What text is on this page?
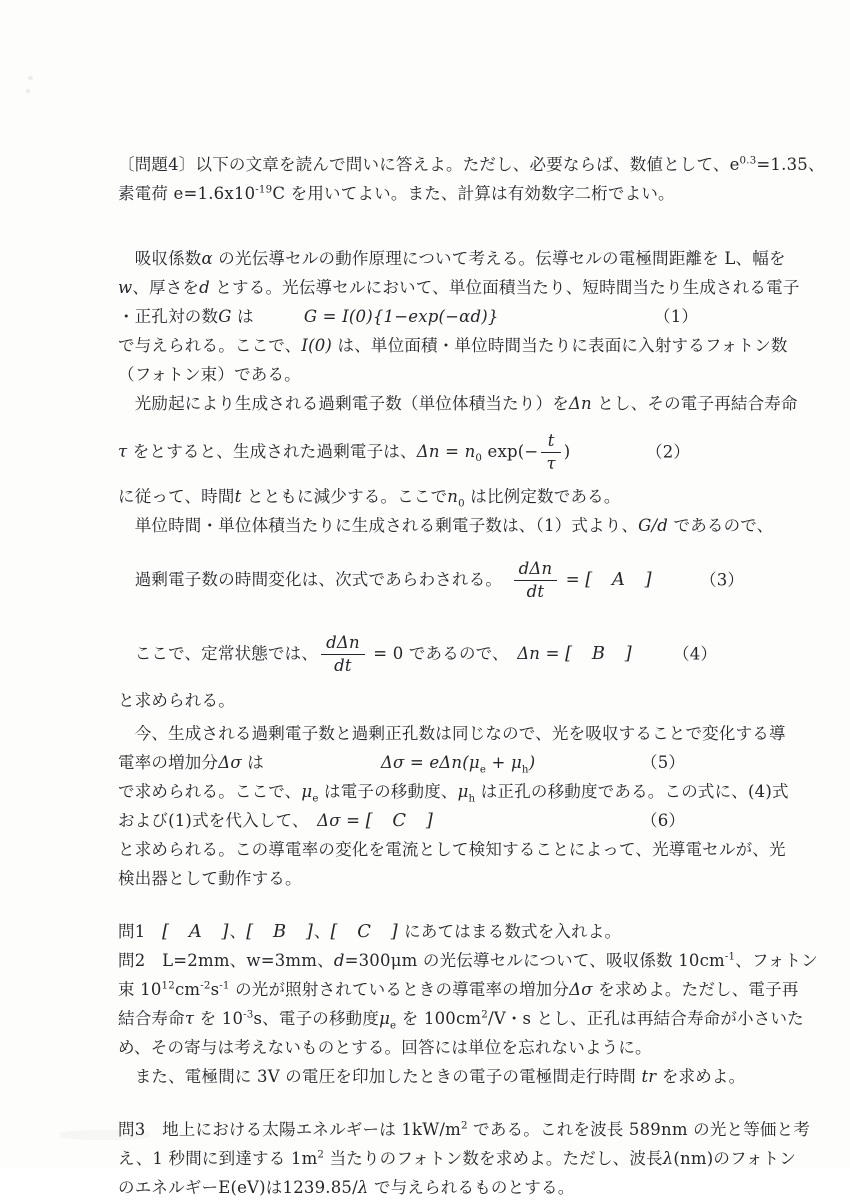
〔問題4〕以下の文章を読んで問いに答えよ。ただし、必要ならば、数値として、$e^{0.3}=1.35$、
素電荷 $e=1.6x10^{-19}C$ を用いてよい。また、計算は有効数字二桁でよい。
　吸収係数α の光伝導セルの動作原理について考える。伝導セルの電極間距離を L、幅を
w、厚さをd とする。光伝導セルにおいて、単位面積当たり、短時間当たり生成される電子
・正孔対の数G は　　　G = I(0){1−exp(−αd)}	（1）
で与えられる。ここで、I(0) は、単位面積・単位時間当たりに表面に入射するフォトン数
（フォトン束）である。
　光励起により生成される過剰電子数（単位体積当たり）をΔn とし、その電子再結合寿命
τ をとすると、生成された過剰電子は、$\Delta n = n_0$ $\exp(- \frac{t}{\tau}$ )	（2）
に従って、時間t とともに減少する。ここで$n_0$ は比例定数である。
　単位時間・単位体積当たりに生成される剰電子数は、（1）式より、G/d であるので、
　過剰電子数の時間変化は、次式であらわされる。　 $\frac{\text{dΔn}}{dt}$ = [　A　]	（3）
　ここで、定常状態では、 $\frac{\text{dΔn}}{dt} = 0$ であるので、　Δn = [　B　] （4）
と求められる。
　今、生成される過剰電子数と過剰正孔数は同じなので、光を吸収することで変化する導
電率の増加分Δσ は　　　　　　　$\Delta\sigma = e\Delta n(\mu_e + \mu_h)$	（5）
で求められる。ここで、$\mu_e$ は電子の移動度、$\mu_h$ は正孔の移動度である。この式に、(4)式
および(1)式を代入して、　Δσ = [　C　]	（6）
と求められる。この導電率の変化を電流として検知することによって、光導電セルが、光
検出器として動作する。
問1　[　A　]、[　B　]、[　C　] にあてはまる数式を入れよ。
問2　L=2mm、w=3mm、d=300μm の光伝導セルについて、吸収係数 $10cm^{-1}$、フォトン
束 $10^{12}cm^{-2}s^{-1}$ の光が照射されているときの導電率の増加分Δσ を求めよ。ただし、電子再
結合寿命τ を $10^{-3}s$、電子の移動度$\mu_e$ を $100cm^2/V$・s とし、正孔は再結合寿命が小さいた
め、その寄与は考えないものとする。回答には単位を忘れないように。
　また、電極間に 3V の電圧を印加したときの電子の電極間走行時間 tr を求めよ。
問3　地上における太陽エネルギーは $1kW/m^2$ である。これを波長 589nm の光と等価と考
え、1 秒間に到達する $1m^2$ 当たりのフォトン数を求めよ。ただし、波長λ(nm)のフォトン
のエネルギーE(eV)は1239.85/λ で与えられるものとする。
